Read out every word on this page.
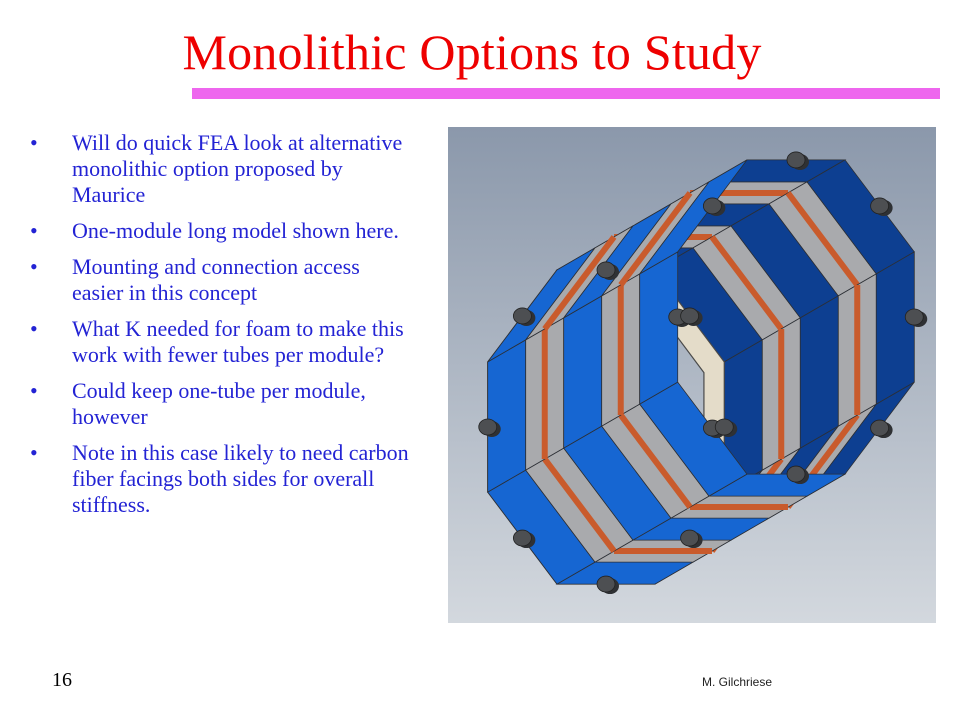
Monolithic Options to Study
• Will do quick FEA look at alternative monolithic option proposed by Maurice
• One-module long model shown here.
• Mounting and connection access easier in this concept
• What K needed for foam to make this work with fewer tubes per module?
• Could keep one-tube per module, however
• Note in this case likely to need carbon fiber facings both sides for overall stiffness.
16	M. Gilchriese
